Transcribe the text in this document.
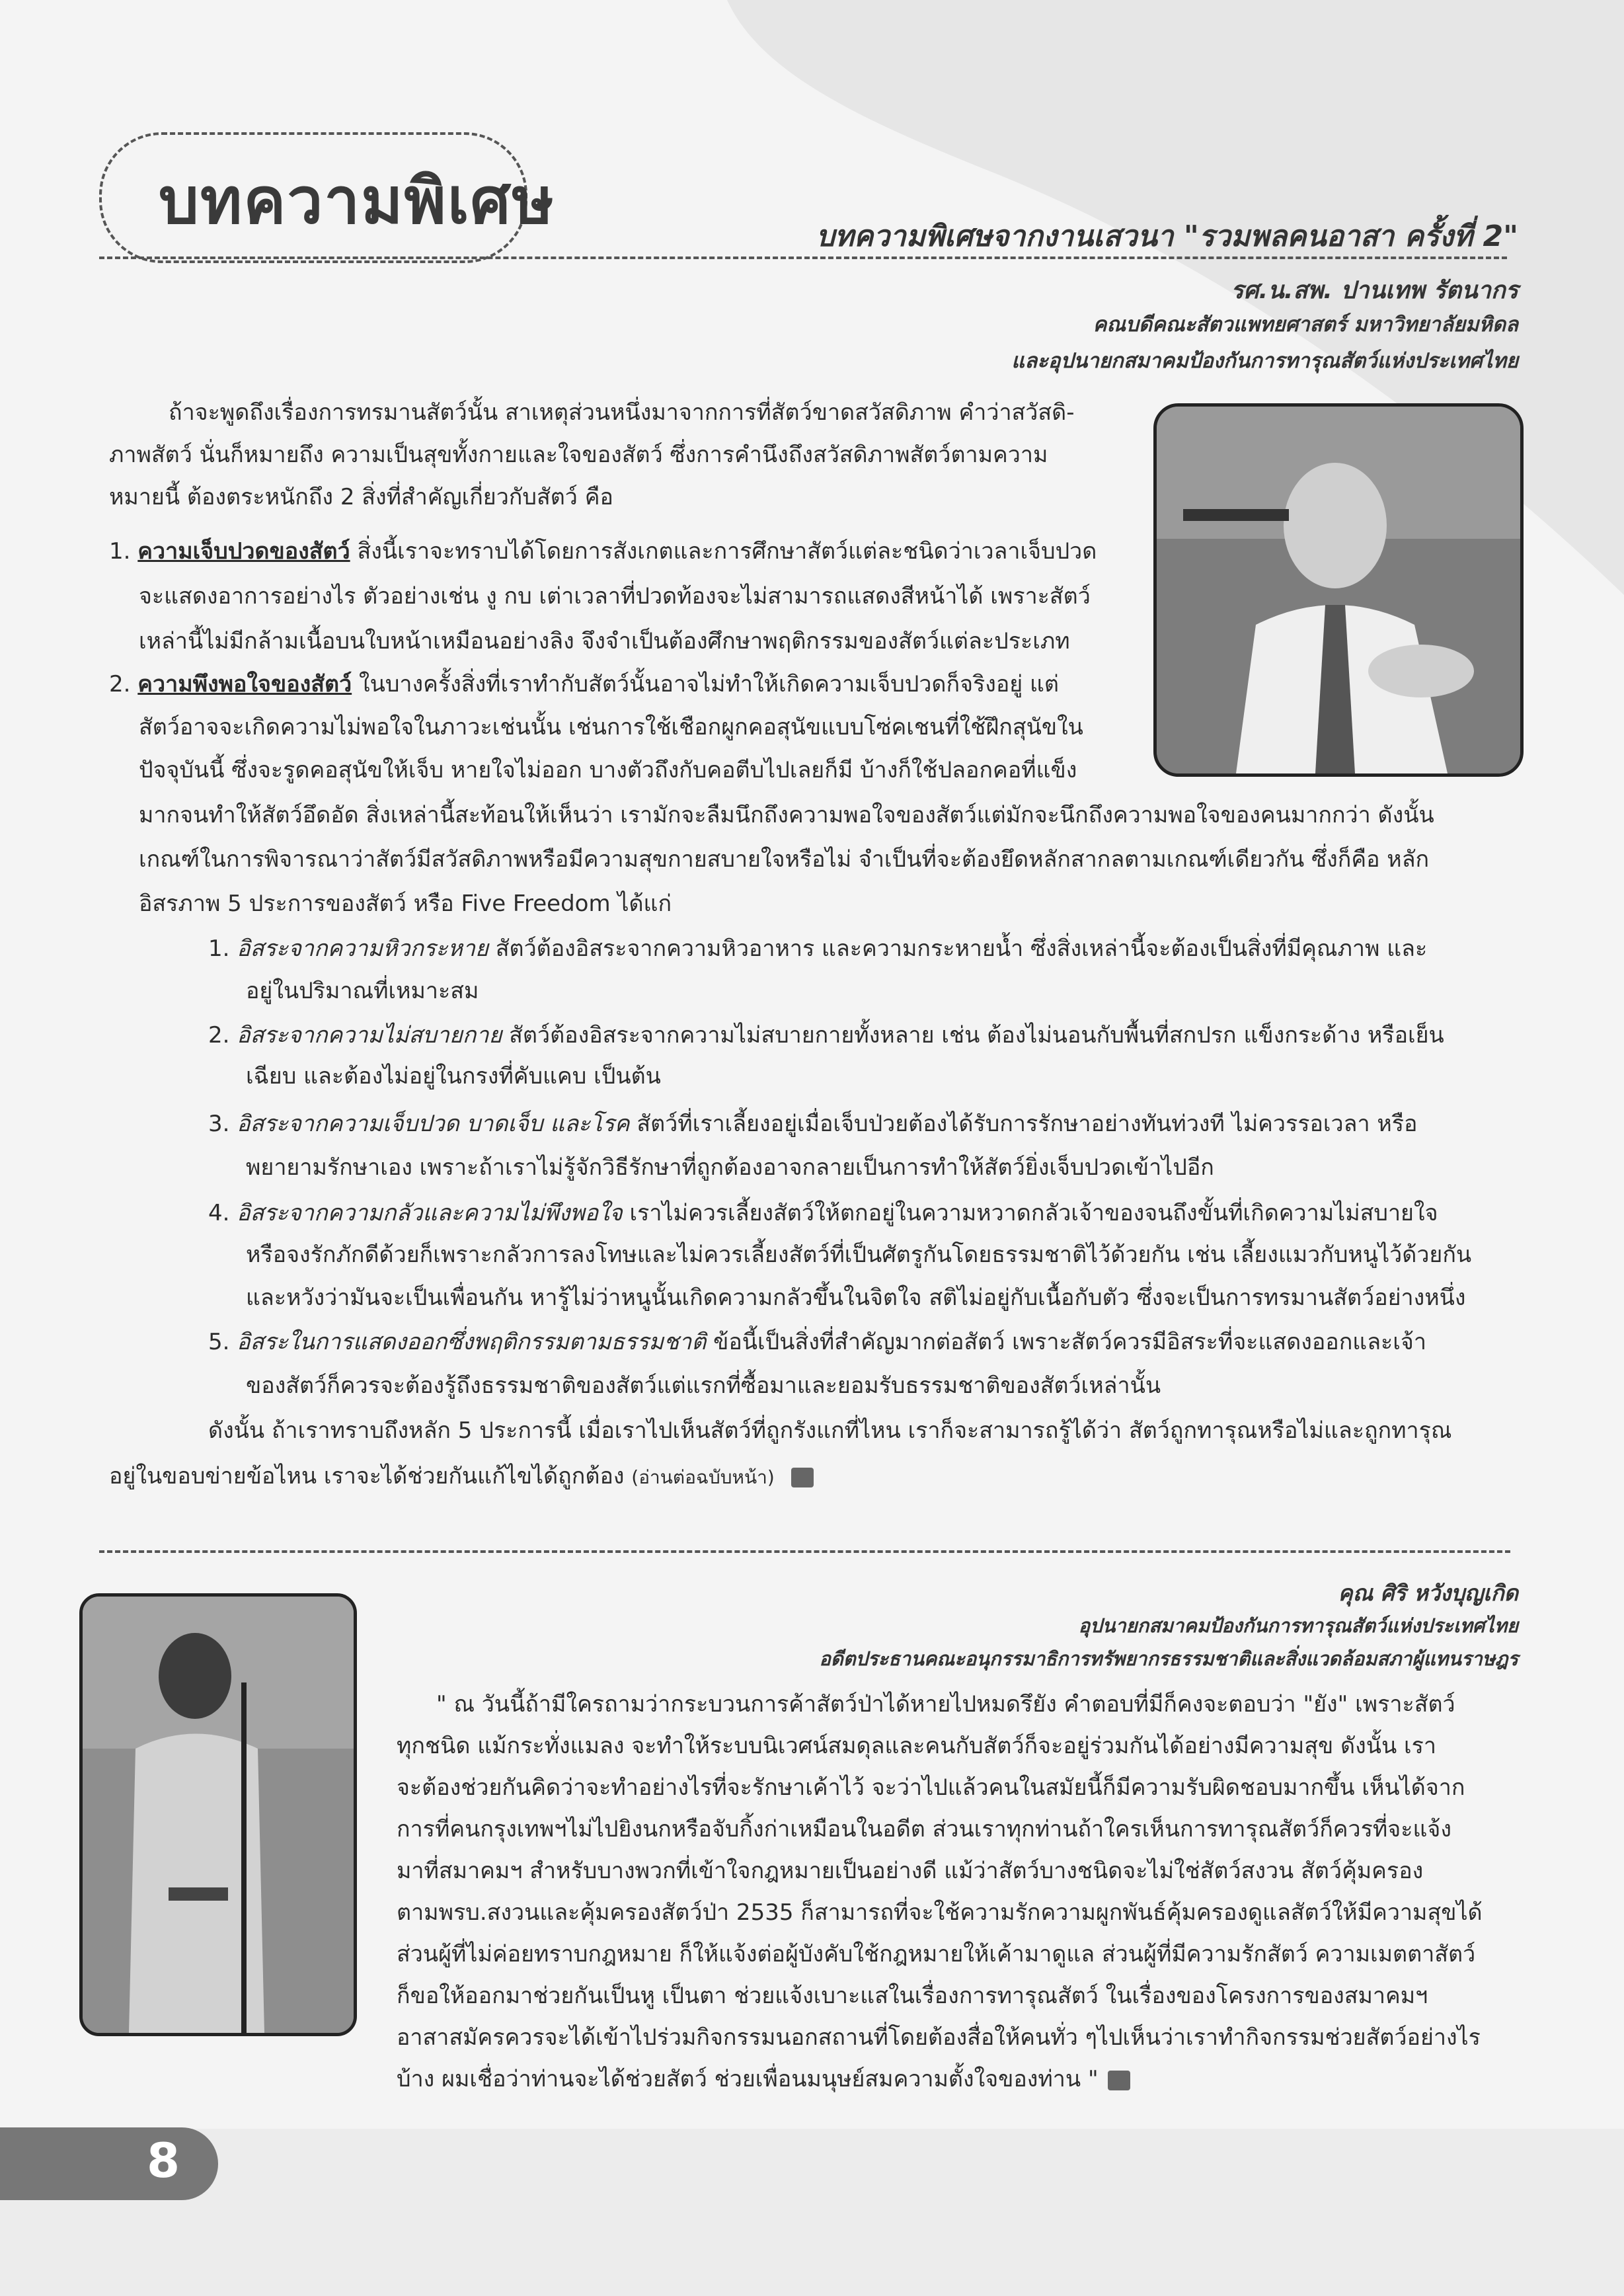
บทความพิเศษ	บทความพิเศษจากงานเสวนา "รวมพลคนอาสา ครั้งที่ 2"
รศ.น.สพ. ปานเทพ รัตนากร
คณบดีคณะสัตวแพทยศาสตร์ มหาวิทยาลัยมหิดล
และอุปนายกสมาคมป้องกันการทารุณสัตว์แห่งประเทศไทย
ถ้าจะพูดถึงเรื่องการทรมานสัตว์นั้น สาเหตุส่วนหนึ่งมาจากการที่สัตว์ขาดสวัสดิภาพ คำว่าสวัสดิ-
ภาพสัตว์ นั่นก็หมายถึง ความเป็นสุขทั้งกายและใจของสัตว์ ซึ่งการคำนึงถึงสวัสดิภาพสัตว์ตามความ
หมายนี้ ต้องตระหนักถึง 2 สิ่งที่สำคัญเกี่ยวกับสัตว์ คือ
1. ความเจ็บปวดของสัตว์ สิ่งนี้เราจะทราบได้โดยการสังเกตและการศึกษาสัตว์แต่ละชนิดว่าเวลาเจ็บปวด
จะแสดงอาการอย่างไร ตัวอย่างเช่น งู กบ เต่าเวลาที่ปวดท้องจะไม่สามารถแสดงสีหน้าได้ เพราะสัตว์
เหล่านี้ไม่มีกล้ามเนื้อบนใบหน้าเหมือนอย่างลิง จึงจำเป็นต้องศึกษาพฤติกรรมของสัตว์แต่ละประเภท
2. ความพึงพอใจของสัตว์ ในบางครั้งสิ่งที่เราทำกับสัตว์นั้นอาจไม่ทำให้เกิดความเจ็บปวดก็จริงอยู่ แต่
สัตว์อาจจะเกิดความไม่พอใจในภาวะเช่นนั้น เช่นการใช้เชือกผูกคอสุนัขแบบโซ่คเชนที่ใช้ฝึกสุนัขใน
ปัจจุบันนี้ ซึ่งจะรูดคอสุนัขให้เจ็บ หายใจไม่ออก บางตัวถึงกับคอตีบไปเลยก็มี บ้างก็ใช้ปลอกคอที่แข็ง
มากจนทำให้สัตว์อึดอัด สิ่งเหล่านี้สะท้อนให้เห็นว่า เรามักจะลืมนึกถึงความพอใจของสัตว์แต่มักจะนึกถึงความพอใจของคนมากกว่า ดังนั้น
เกณฑ์ในการพิจารณาว่าสัตว์มีสวัสดิภาพหรือมีความสุขกายสบายใจหรือไม่ จำเป็นที่จะต้องยึดหลักสากลตามเกณฑ์เดียวกัน ซึ่งก็คือ หลัก
อิสรภาพ 5 ประการของสัตว์ หรือ Five Freedom ได้แก่
1. อิสระจากความหิวกระหาย สัตว์ต้องอิสระจากความหิวอาหาร และความกระหายน้ำ ซึ่งสิ่งเหล่านี้จะต้องเป็นสิ่งที่มีคุณภาพ และ
อยู่ในปริมาณที่เหมาะสม
2. อิสระจากความไม่สบายกาย สัตว์ต้องอิสระจากความไม่สบายกายทั้งหลาย เช่น ต้องไม่นอนกับพื้นที่สกปรก แข็งกระด้าง หรือเย็น
เฉียบ และต้องไม่อยู่ในกรงที่คับแคบ เป็นต้น
3. อิสระจากความเจ็บปวด บาดเจ็บ และโรค สัตว์ที่เราเลี้ยงอยู่เมื่อเจ็บป่วยต้องได้รับการรักษาอย่างทันท่วงที ไม่ควรรอเวลา หรือ
พยายามรักษาเอง เพราะถ้าเราไม่รู้จักวิธีรักษาที่ถูกต้องอาจกลายเป็นการทำให้สัตว์ยิ่งเจ็บปวดเข้าไปอีก
4. อิสระจากความกลัวและความไม่พึงพอใจ เราไม่ควรเลี้ยงสัตว์ให้ตกอยู่ในความหวาดกลัวเจ้าของจนถึงขั้นที่เกิดความไม่สบายใจ
หรือจงรักภักดีด้วยก็เพราะกลัวการลงโทษและไม่ควรเลี้ยงสัตว์ที่เป็นศัตรูกันโดยธรรมชาติไว้ด้วยกัน เช่น เลี้ยงแมวกับหนูไว้ด้วยกัน
และหวังว่ามันจะเป็นเพื่อนกัน หารู้ไม่ว่าหนูนั้นเกิดความกลัวขึ้นในจิตใจ สติไม่อยู่กับเนื้อกับตัว ซึ่งจะเป็นการทรมานสัตว์อย่างหนึ่ง
5. อิสระในการแสดงออกซึ่งพฤติกรรมตามธรรมชาติ ข้อนี้เป็นสิ่งที่สำคัญมากต่อสัตว์ เพราะสัตว์ควรมีอิสระที่จะแสดงออกและเจ้า
ของสัตว์ก็ควรจะต้องรู้ถึงธรรมชาติของสัตว์แต่แรกที่ซื้อมาและยอมรับธรรมชาติของสัตว์เหล่านั้น
ดังนั้น ถ้าเราทราบถึงหลัก 5 ประการนี้ เมื่อเราไปเห็นสัตว์ที่ถูกรังแกที่ไหน เราก็จะสามารถรู้ได้ว่า สัตว์ถูกทารุณหรือไม่และถูกทารุณ
อยู่ในขอบข่ายข้อไหน เราจะได้ช่วยกันแก้ไขได้ถูกต้อง (อ่านต่อฉบับหน้า)
คุณ ศิริ หวังบุญเกิด
อุปนายกสมาคมป้องกันการทารุณสัตว์แห่งประเทศไทย
อดีตประธานคณะอนุกรรมาธิการทรัพยากรธรรมชาติและสิ่งแวดล้อมสภาผู้แทนราษฎร
" ณ วันนี้ถ้ามีใครถามว่ากระบวนการค้าสัตว์ป่าได้หายไปหมดรึยัง คำตอบที่มีก็คงจะตอบว่า "ยัง" เพราะสัตว์
ทุกชนิด แม้กระทั่งแมลง จะทำให้ระบบนิเวศน์สมดุลและคนกับสัตว์ก็จะอยู่ร่วมกันได้อย่างมีความสุข ดังนั้น เรา
จะต้องช่วยกันคิดว่าจะทำอย่างไรที่จะรักษาเค้าไว้ จะว่าไปแล้วคนในสมัยนี้ก็มีความรับผิดชอบมากขึ้น เห็นได้จาก
การที่คนกรุงเทพฯไม่ไปยิงนกหรือจับกิ้งก่าเหมือนในอดีต ส่วนเราทุกท่านถ้าใครเห็นการทารุณสัตว์ก็ควรที่จะแจ้ง
มาที่สมาคมฯ สำหรับบางพวกที่เข้าใจกฎหมายเป็นอย่างดี แม้ว่าสัตว์บางชนิดจะไม่ใช่สัตว์สงวน สัตว์คุ้มครอง
ตามพรบ.สงวนและคุ้มครองสัตว์ป่า 2535 ก็สามารถที่จะใช้ความรักความผูกพันธ์คุ้มครองดูแลสัตว์ให้มีความสุขได้
ส่วนผู้ที่ไม่ค่อยทราบกฎหมาย ก็ให้แจ้งต่อผู้บังคับใช้กฎหมายให้เค้ามาดูแล ส่วนผู้ที่มีความรักสัตว์ ความเมตตาสัตว์
ก็ขอให้ออกมาช่วยกันเป็นหู เป็นตา ช่วยแจ้งเบาะแสในเรื่องการทารุณสัตว์ ในเรื่องของโครงการของสมาคมฯ
อาสาสมัครควรจะได้เข้าไปร่วมกิจกรรมนอกสถานที่โดยต้องสื่อให้คนทั่ว ๆไปเห็นว่าเราทำกิจกรรมช่วยสัตว์อย่างไร
บ้าง ผมเชื่อว่าท่านจะได้ช่วยสัตว์ ช่วยเพื่อนมนุษย์สมความตั้งใจของท่าน "
8
